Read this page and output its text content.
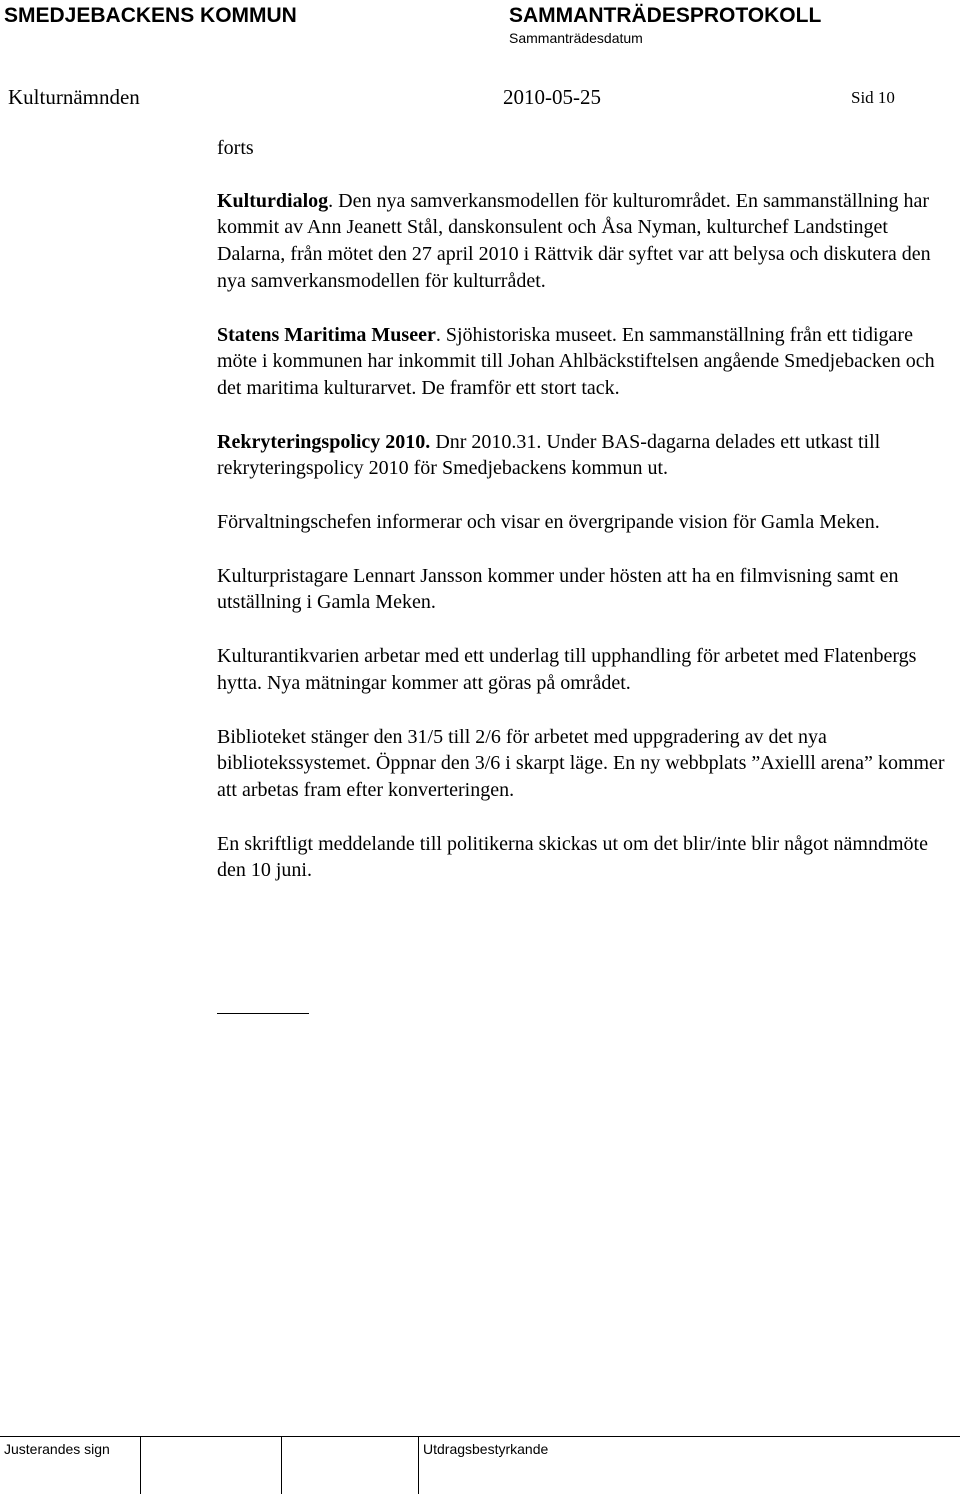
SMEDJEBACKENS KOMMUN	SAMMANTRÄDESPROTOKOLL
Sammanträdesdatum
Kulturnämnden	2010-05-25	Sid 10

forts

Kulturdialog. Den nya samverkansmodellen för kulturområdet. En sammanställning har kommit av Ann Jeanett Stål, danskonsulent och Åsa Nyman, kulturchef Landstinget Dalarna, från mötet den 27 april 2010 i Rättvik där syftet var att belysa och diskutera den nya samverkansmodellen för kulturrådet.

Statens Maritima Museer. Sjöhistoriska museet. En sammanställning från ett tidigare möte i kommunen har inkommit till Johan Ahlbäckstiftelsen angående Smedjebacken och det maritima kulturarvet. De framför ett stort tack.

Rekryteringspolicy 2010. Dnr 2010.31. Under BAS-dagarna delades ett utkast till rekryteringspolicy 2010 för Smedjebackens kommun ut.

Förvaltningschefen informerar och visar en övergripande vision för Gamla Meken.

Kulturpristagare Lennart Jansson kommer under hösten att ha en filmvisning samt en utställning i Gamla Meken.

Kulturantikvarien arbetar med ett underlag till upphandling för arbetet med Flatenbergs hytta. Nya mätningar kommer att göras på området.

Biblioteket stänger den 31/5 till 2/6 för arbetet med uppgradering av det nya bibliotekssystemet. Öppnar den 3/6 i skarpt läge. En ny webbplats ”Axielll arena” kommer att arbetas fram efter konverteringen.

En skriftligt meddelande till politikerna skickas ut om det blir/inte blir något nämndmöte den 10 juni.

Justerandes sign	Utdragsbestyrkande
